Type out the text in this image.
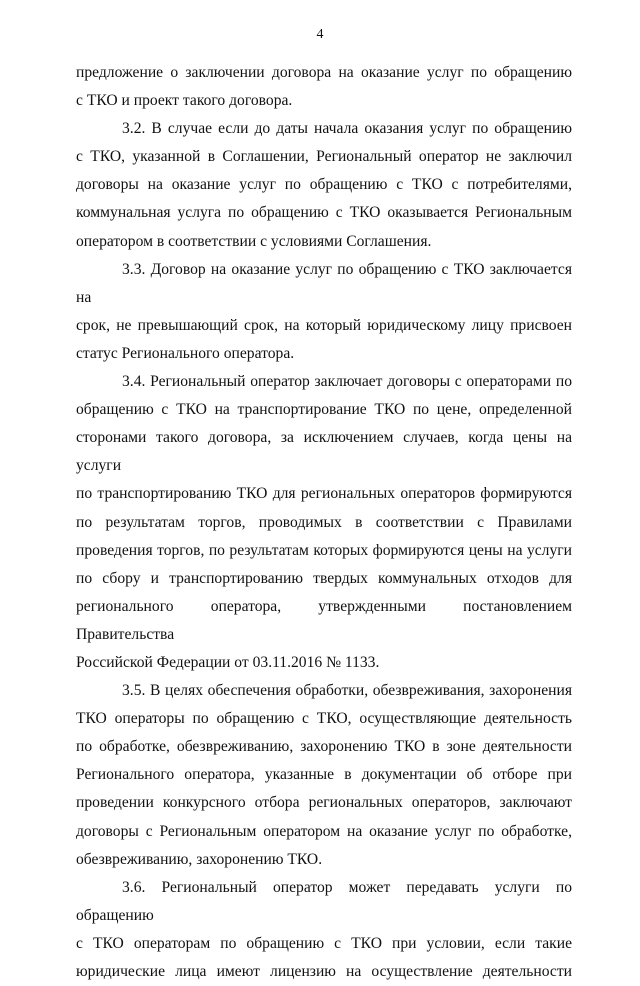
4
предложение о заключении договора на оказание услуг по обращению
с ТКО и проект такого договора.
3.2. В случае если до даты начала оказания услуг по обращению
с ТКО, указанной в Соглашении, Региональный оператор не заключил
договоры на оказание услуг по обращению с ТКО с потребителями,
коммунальная услуга по обращению с ТКО оказывается Региональным
оператором в соответствии с условиями Соглашения.
3.3. Договор на оказание услуг по обращению с ТКО заключается на
срок, не превышающий срок, на который юридическому лицу присвоен
статус Регионального оператора.
3.4. Региональный оператор заключает договоры с операторами по
обращению с ТКО на транспортирование ТКО по цене, определенной
сторонами такого договора, за исключением случаев, когда цены на услуги
по транспортированию ТКО для региональных операторов формируются
по результатам торгов, проводимых в соответствии с Правилами
проведения торгов, по результатам которых формируются цены на услуги
по сбору и транспортированию твердых коммунальных отходов для
регионального оператора, утвержденными постановлением Правительства
Российской Федерации от 03.11.2016 № 1133.
3.5. В целях обеспечения обработки, обезвреживания, захоронения
ТКО операторы по обращению с ТКО, осуществляющие деятельность
по обработке, обезвреживанию, захоронению ТКО в зоне деятельности
Регионального оператора, указанные в документации об отборе при
проведении конкурсного отбора региональных операторов, заключают
договоры с Региональным оператором на оказание услуг по обработке,
обезвреживанию, захоронению ТКО.
3.6. Региональный оператор может передавать услуги по обращению
с ТКО операторам по обращению с ТКО при условии, если такие
юридические лица имеют лицензию на осуществление деятельности
